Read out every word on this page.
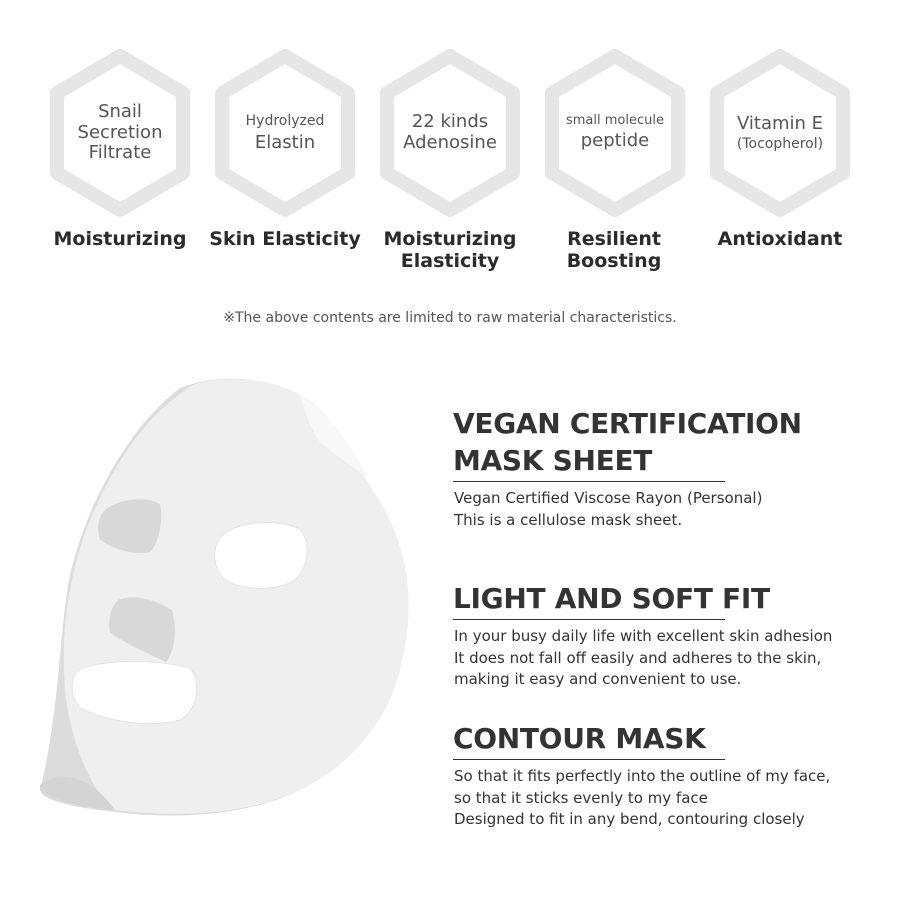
Snail
Secretion
Filtrate
Hydrolyzed
Elastin
22 kinds
Adenosine
small molecule
peptide
Vitamin E
(Tocopherol)
Moisturizing	Skin Elasticity	Moisturizing
Elasticity
Resilient
Boosting
Antioxidant
※The above contents are limited to raw material characteristics.
VEGAN CERTIFICATION
MASK SHEET

Vegan Certified Viscose Rayon (Personal)
This is a cellulose mask sheet.

LIGHT AND SOFT FIT

In your busy daily life with excellent skin adhesion
It does not fall off easily and adheres to the skin,
making it easy and convenient to use.

CONTOUR MASK

So that it fits perfectly into the outline of my face,
so that it sticks evenly to my face
Designed to fit in any bend, contouring closely
